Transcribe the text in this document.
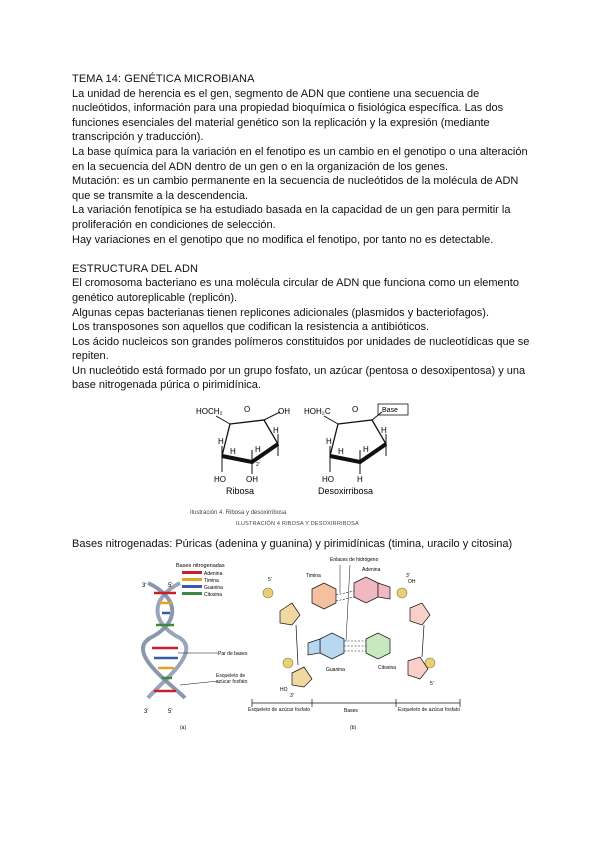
TEMA 14: GENÉTICA MICROBIANA

La unidad de herencia es el gen, segmento de ADN que contiene una secuencia de nucleótidos, información para una propiedad bioquímica o fisiológica específica. Las dos funciones esenciales del material genético son la replicación y la expresión (mediante transcripción y traducción).

La base química para la variación en el fenotipo es un cambio en el genotipo o una alteración en la secuencia del ADN dentro de un gen o en la organización de los genes.

Mutación: es un cambio permanente en la secuencia de nucleótidos de la molécula de ADN que se transmite a la descendencia.

La variación fenotípica se ha estudiado basada en la capacidad de un gen para permitir la proliferación en condiciones de selección.

Hay variaciones en el genotipo que no modifica el fenotipo, por tanto no es detectable.

ESTRUCTURA DEL ADN

El cromosoma bacteriano es una molécula circular de ADN que funciona como un elemento genético autoreplicable (replicón).

Algunas cepas bacterianas tienen replicones adicionales (plasmidos y bacteriofagos).

Los transposones son aquellos que codifican la resistencia a antibióticos.

Los ácido nucleicos son grandes polímeros constituidos por unidades de nucleotídicas que se repiten.

Un nucleótido está formado por un grupo fosfato, un azúcar (pentosa o desoxipentosa) y una base nitrogenada púrica o pirimidínica.

HOCH₂	O	OH
H
H
H H
2'
HO	OH
Ribosa
HOH₂C	O	Base
H
H
H H
HO	H
Desoxirribosa
Ilustración 4. Ribosa y desoxirribosa
ILUSTRACIÓN 4 RIBOSA Y DESOXIRRIBOSA
Bases nitrogenadas: Púricas (adenina y guanina) y pirimidínicas (timina, uracilo y citosina)
3'	5'
3'	5'
Bases nitrogenadas
Adenina
Timina
Guanina
Citosina
Par de bases
Esqueleto de azúcar fosfato
(a)
Enlaces de hidrógeno
Timina
Adenina
Guanina	Citosina
5'
3'
OH
3'
HO
5'
Esqueleto de azúcar fosfato	Bases	Esqueleto de azúcar fosfato
(b)
